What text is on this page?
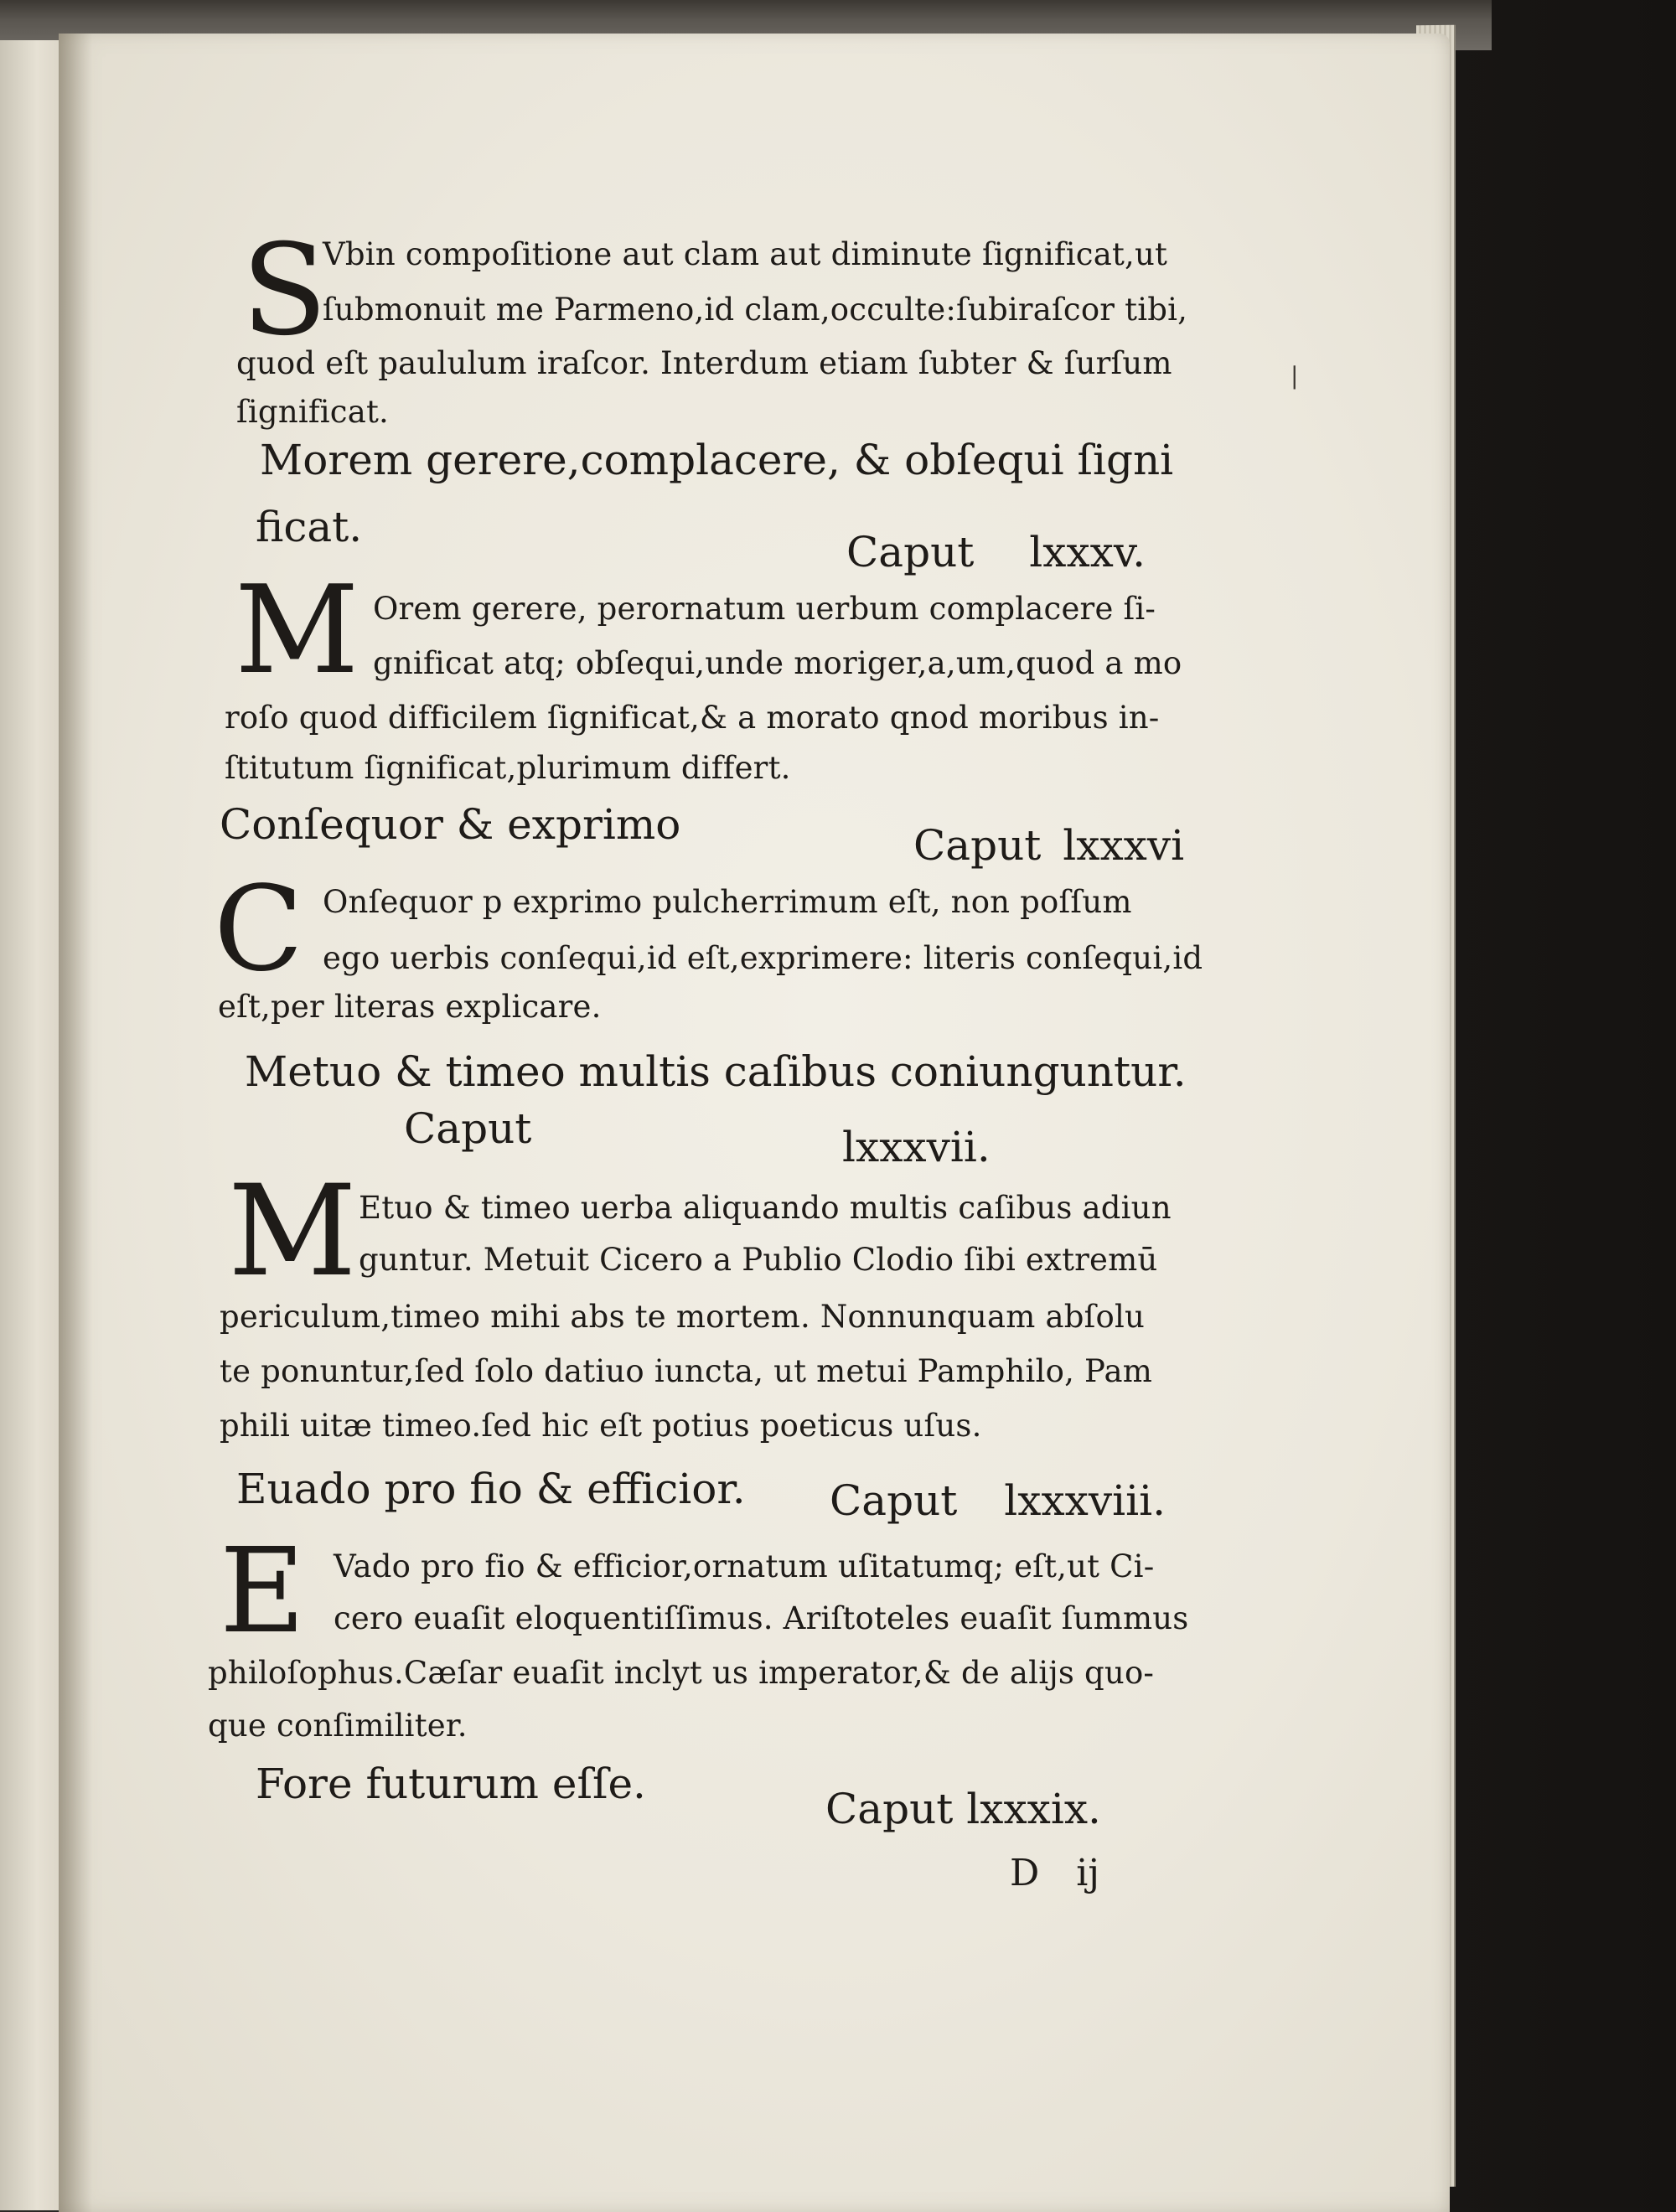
S
Vbin compoſitione aut clam aut diminute ſignificat,ut
ſubmonuit me Parmeno,id clam,occulte:ſubiraſcor tibi,
quod eſt paululum iraſcor. Interdum etiam ſubter & ſurſum
ſignificat.
Morem gerere,complacere, & obſequi ſigni
ficat.
Caput lxxxv.
M Orem gerere, perornatum uerbum complacere ſi-
gnificat atq; obſequi,unde moriger,a,um,quod a mo
roſo quod difficilem ſignificat,& a morato qnod moribus in-
ſtitutum ſignificat,plurimum differt.
Conſequor & exprimo	Caput lxxxvi
C Onſequor p exprimo pulcherrimum eſt, non poſſum
ego uerbis conſequi,id eſt,exprimere: literis conſequi,id
eſt,per literas explicare.
Metuo & timeo multis caſibus coniunguntur.
Caput	lxxxvii.
M Etuo & timeo uerba aliquando multis caſibus adiun
guntur. Metuit Cicero a Publio Clodio ſibi extremū
periculum,timeo mihi abs te mortem. Nonnunquam abſolu
te ponuntur,ſed ſolo datiuo iuncta, ut metui Pamphilo, Pam
phili uitæ timeo.ſed hic eſt potius poeticus uſus.
Euado pro fio & efficior. Caput lxxxviii.
E Vado pro fio & efficior,ornatum uſitatumq; eſt,ut Ci-
cero euaſit eloquentiſſimus. Ariſtoteles euaſit ſummus
philoſophus.Cæſar euaſit inclyt us imperator,& de alijs quo-
que conſimiliter.
Fore futurum eſſe.
Caput lxxxix.
D ij
|
